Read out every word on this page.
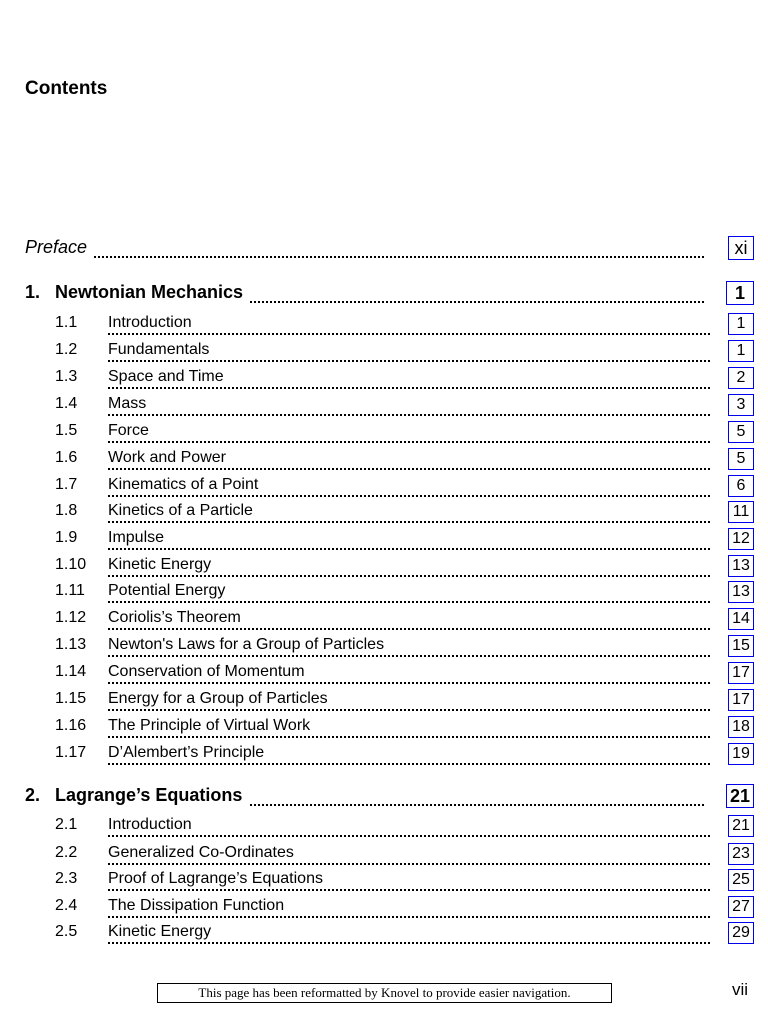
Contents
Preface	xi
1. Newtonian Mechanics	1
1.1 Introduction	1
1.2 Fundamentals	1
1.3 Space and Time	2
1.4 Mass	3
1.5 Force	5
1.6 Work and Power	5
1.7 Kinematics of a Point	6
1.8 Kinetics of a Particle	11
1.9 Impulse	12
1.10 Kinetic Energy	13
1.11 Potential Energy	13
1.12 Coriolis’s Theorem	14
1.13 Newton's Laws for a Group of Particles	15
1.14 Conservation of Momentum	17
1.15 Energy for a Group of Particles	17
1.16 The Principle of Virtual Work	18
1.17 D’Alembert’s Principle	19
2. Lagrange’s Equations	21
2.1 Introduction	21
2.2 Generalized Co-Ordinates	23
2.3 Proof of Lagrange’s Equations	25
2.4 The Dissipation Function	27
2.5 Kinetic Energy	29
This page has been reformatted by Knovel to provide easier navigation.	vii
